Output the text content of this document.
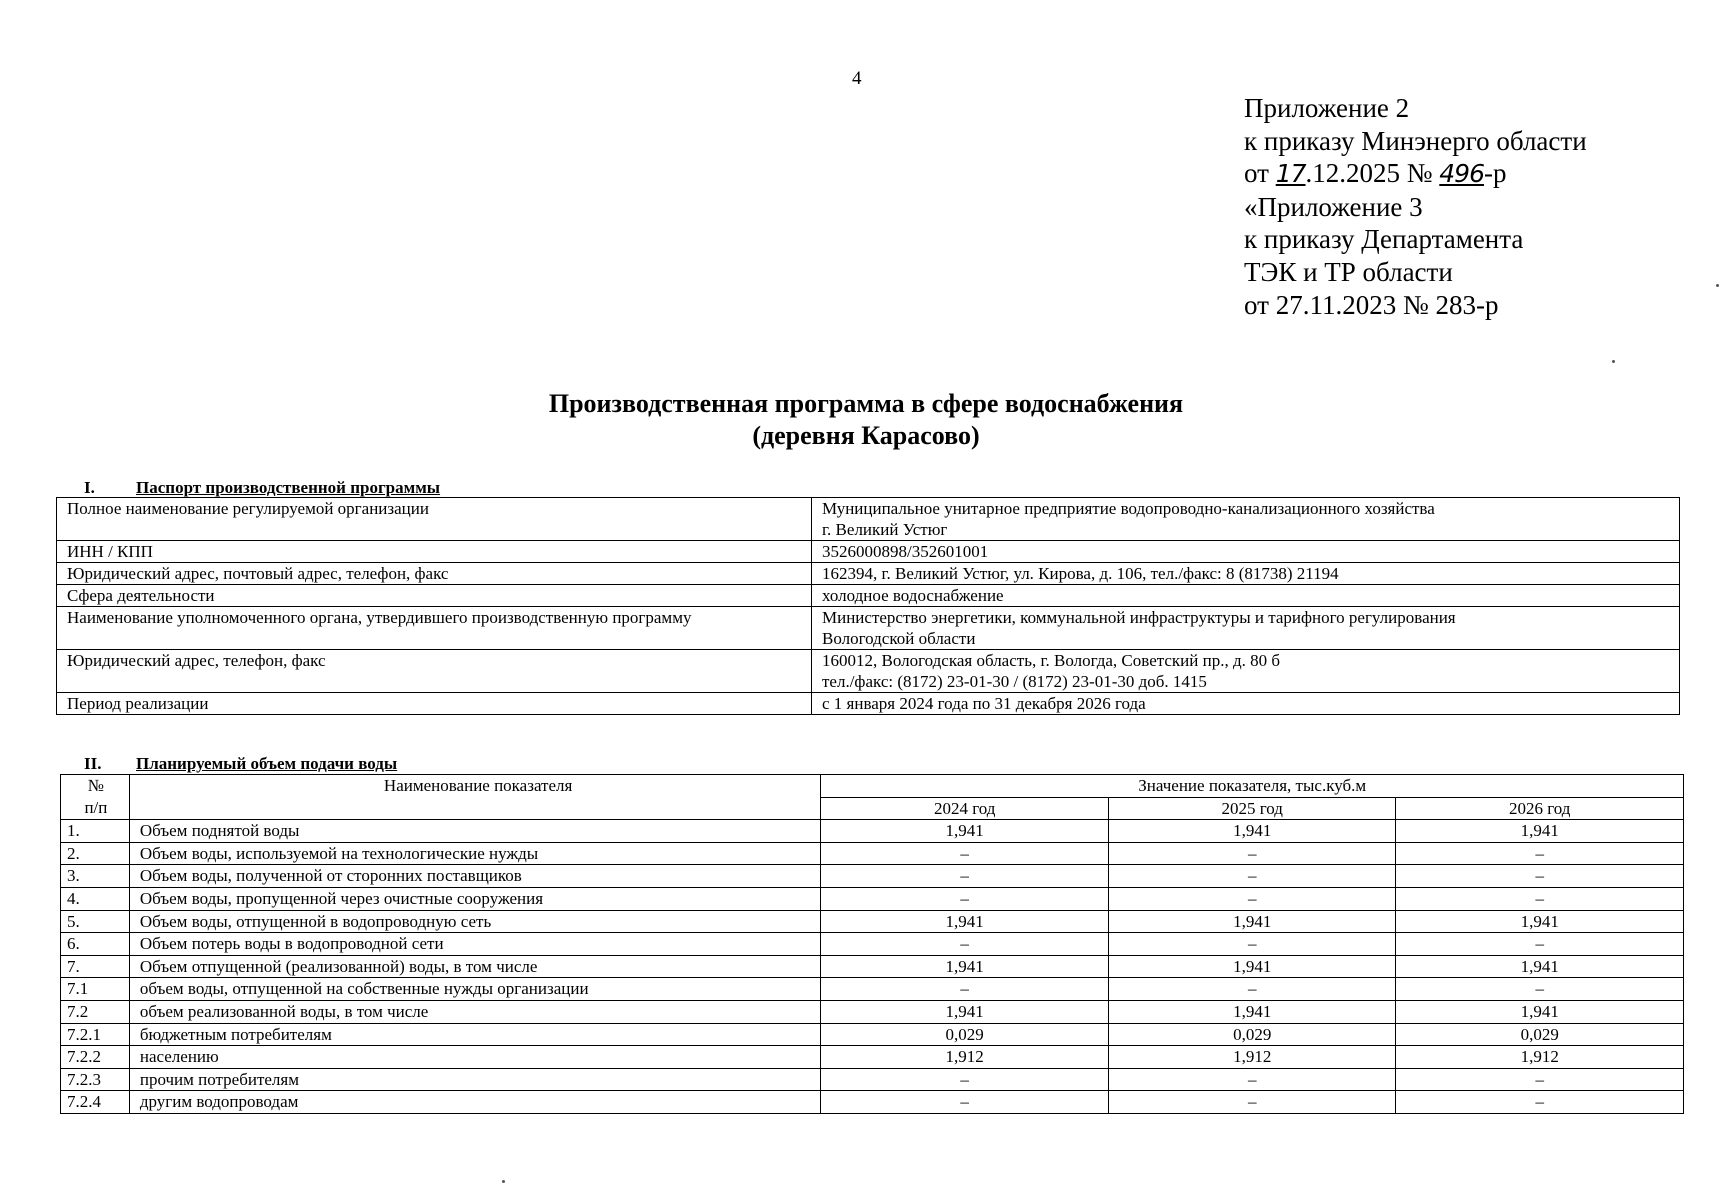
4
Приложение 2
к приказу Минэнерго области
от 17.12.2025 № 496-р
«Приложение 3
к приказу Департамента
ТЭК и ТР области
от 27.11.2023 № 283-р
Производственная программа в сфере водоснабжения
(деревня Карасово)
I. Паспорт производственной программы
Полное наименование регулируемой организации	Муниципальное унитарное предприятие водопроводно-канализационного хозяйства
г. Великий Устюг

ИНН / КПП	3526000898/352601001
Юридический адрес, почтовый адрес, телефон, факс	162394, г. Великий Устюг, ул. Кирова, д. 106, тел./факс: 8 (81738) 21194
Сфера деятельности	холодное водоснабжение
Наименование уполномоченного органа, утвердившего производственную программу	Министерство энергетики, коммунальной инфраструктуры и тарифного регулирования
Вологодской области

Юридический адрес, телефон, факс	160012, Вологодская область, г. Вологда, Советский пр., д. 80 б
тел./факс: (8172) 23-01-30 / (8172) 23-01-30 доб. 1415

Период реализации	с 1 января 2024 года по 31 декабря 2026 года
II. Планируемый объем подачи воды
№
п/п	Наименование показателя	Значение показателя, тыс.куб.м		
		2024 год	2025 год	2026 год
1.	Объем поднятой воды	1,941	1,941	1,941
2.	Объем воды, используемой на технологические нужды	–	–	–
3.	Объем воды, полученной от сторонних поставщиков	–	–	–
4.	Объем воды, пропущенной через очистные сооружения	–	–	–
5.	Объем воды, отпущенной в водопроводную сеть	1,941	1,941	1,941
6.	Объем потерь воды в водопроводной сети	–	–	–
7.	Объем отпущенной (реализованной) воды, в том числе	1,941	1,941	1,941
7.1	объем воды, отпущенной на собственные нужды организации	–	–	–
7.2	объем реализованной воды, в том числе	1,941	1,941	1,941
7.2.1	бюджетным потребителям	0,029	0,029	0,029
7.2.2	населению	1,912	1,912	1,912
7.2.3	прочим потребителям	–	–	–
7.2.4	другим водопроводам	–	–	–
